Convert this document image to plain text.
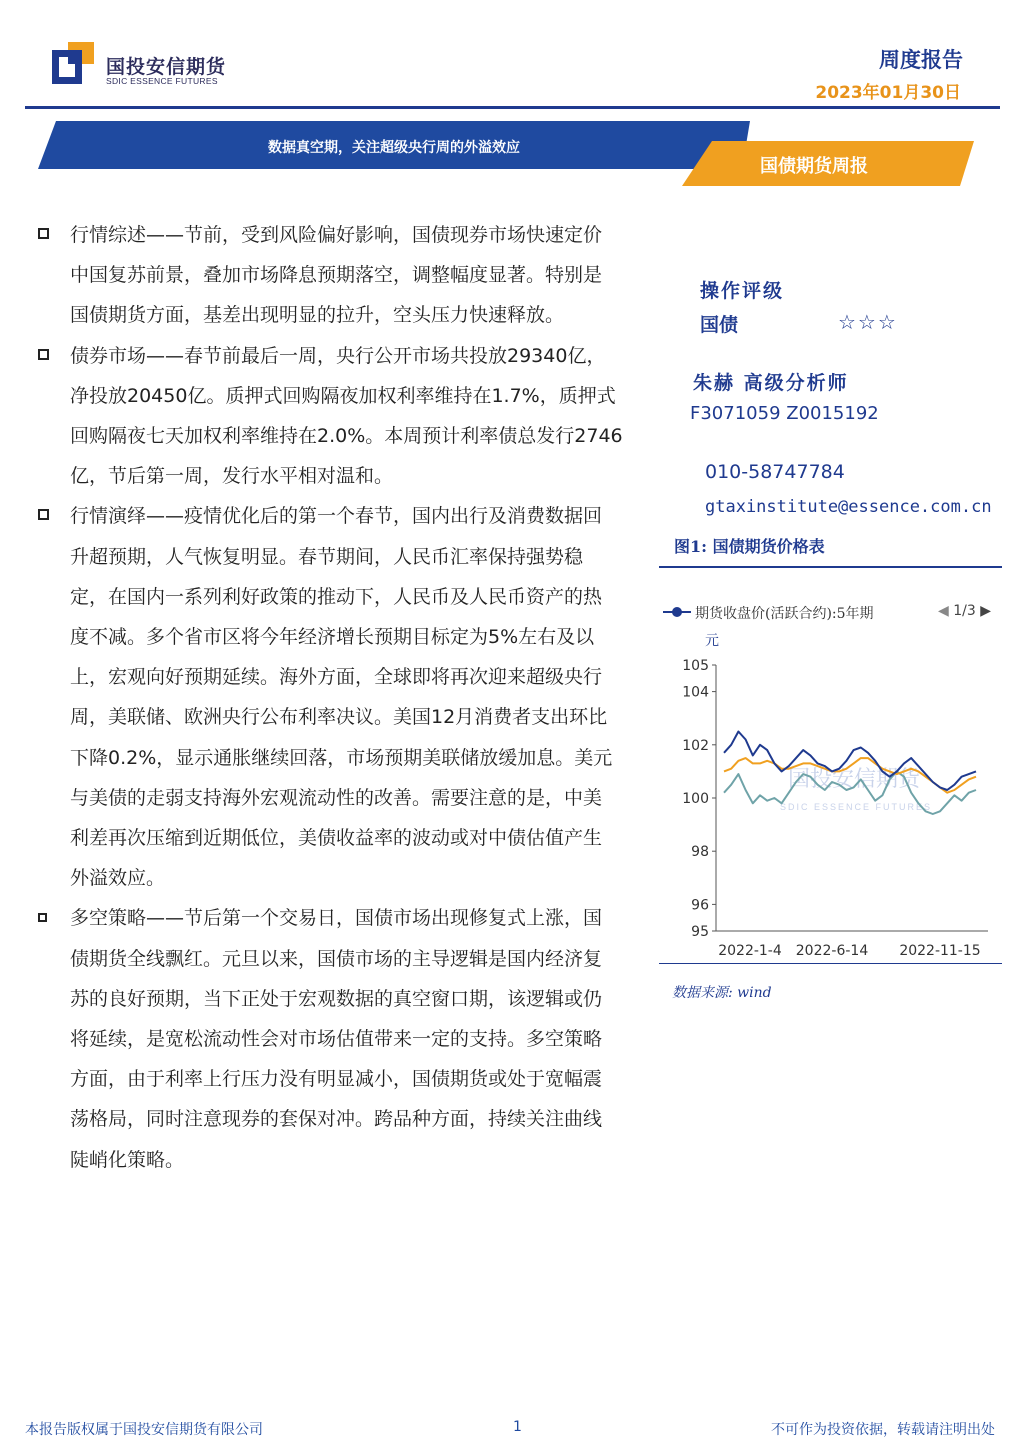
国投安信期货
SDIC ESSENCE FUTURES
周度报告
2023年01月30日
数据真空期，关注超级央行周的外溢效应
国债期货周报
行情综述——节前，受到风险偏好影响，国债现券市场快速定价
中国复苏前景，叠加市场降息预期落空，调整幅度显著。特别是
国债期货方面，基差出现明显的拉升，空头压力快速释放。
债券市场——春节前最后一周，央行公开市场共投放29340亿，
净投放20450亿。质押式回购隔夜加权利率维持在1.7%，质押式
回购隔夜七天加权利率维持在2.0%。本周预计利率债总发行2746
亿，节后第一周，发行水平相对温和。
行情演绎——疫情优化后的第一个春节，国内出行及消费数据回
升超预期，人气恢复明显。春节期间，人民币汇率保持强势稳
定，在国内一系列利好政策的推动下，人民币及人民币资产的热
度不减。多个省市区将今年经济增长预期目标定为5%左右及以
上，宏观向好预期延续。海外方面，全球即将再次迎来超级央行
周，美联储、欧洲央行公布利率决议。美国12月消费者支出环比
下降0.2%，显示通胀继续回落，市场预期美联储放缓加息。美元
与美债的走弱支持海外宏观流动性的改善。需要注意的是，中美
利差再次压缩到近期低位，美债收益率的波动或对中债估值产生
外溢效应。
多空策略——节后第一个交易日，国债市场出现修复式上涨，国
债期货全线飘红。元旦以来，国债市场的主导逻辑是国内经济复
苏的良好预期，当下正处于宏观数据的真空窗口期，该逻辑或仍
将延续，是宽松流动性会对市场估值带来一定的支持。多空策略
方面，由于利率上行压力没有明显减小，国债期货或处于宽幅震
荡格局，同时注意现券的套保对冲。跨品种方面，持续关注曲线
陡峭化策略。
操作评级
国债	☆☆☆
朱赫 高级分析师
F3071059 Z0015192
010-58747784
gtaxinstitute@essence.com.cn
图1: 国债期货价格表
期货收盘价(活跃合约):5年期	◀ 1/3 ▶
元
国投安信期货
SDIC ESSENCE FUTURES
95
96
98
100
102
104
105
2022-1-4 2022-6-14 2022-11-15
数据来源: wind
本报告版权属于国投安信期货有限公司	1	不可作为投资依据，转载请注明出处
